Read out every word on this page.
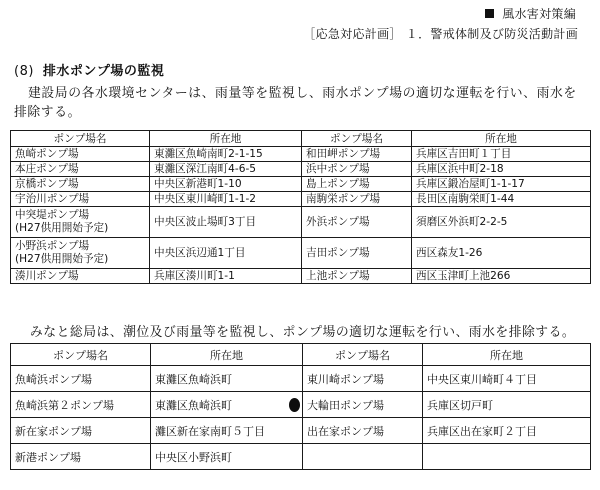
風水害対策編
［応急対応計画］ １．警戒体制及び防災活動計画
(8) 排水ポンプ場の監視
建設局の各水環境センターは、雨量等を監視し、雨水ポンプ場の適切な運転を行い、雨水を排除する。
ポンプ場名	所在地	ポンプ場名	所在地
魚崎ポンプ場	東灘区魚崎南町2-1-15	和田岬ポンプ場	兵庫区吉田町１丁目
本庄ポンプ場	東灘区深江南町4-6-5	浜中ポンプ場	兵庫区浜中町2-18
京橋ポンプ場	中央区新港町1-10	島上ポンプ場	兵庫区鍛冶屋町1-1-17
宇治川ポンプ場	中央区東川崎町1-1-2	南駒栄ポンプ場	長田区南駒栄町1-44
中突堤ポンプ場
(H27供用開始予定)	中央区波止場町3丁目	外浜ポンプ場	須磨区外浜町2-2-5
小野浜ポンプ場
(H27供用開始予定)	中央区浜辺通1丁目	吉田ポンプ場	西区森友1-26
湊川ポンプ場	兵庫区湊川町1-1	上池ポンプ場	西区玉津町上池266
みなと総局は、潮位及び雨量等を監視し、ポンプ場の適切な運転を行い、雨水を排除する。
ポンプ場名	所在地	ポンプ場名	所在地
魚崎浜ポンプ場	東灘区魚崎浜町	東川崎ポンプ場	中央区東川崎町４丁目
魚崎浜第２ポンプ場	東灘区魚崎浜町	大輪田ポンプ場	兵庫区切戸町
新在家ポンプ場	灘区新在家南町５丁目	出在家ポンプ場	兵庫区出在家町２丁目
新港ポンプ場	中央区小野浜町		
